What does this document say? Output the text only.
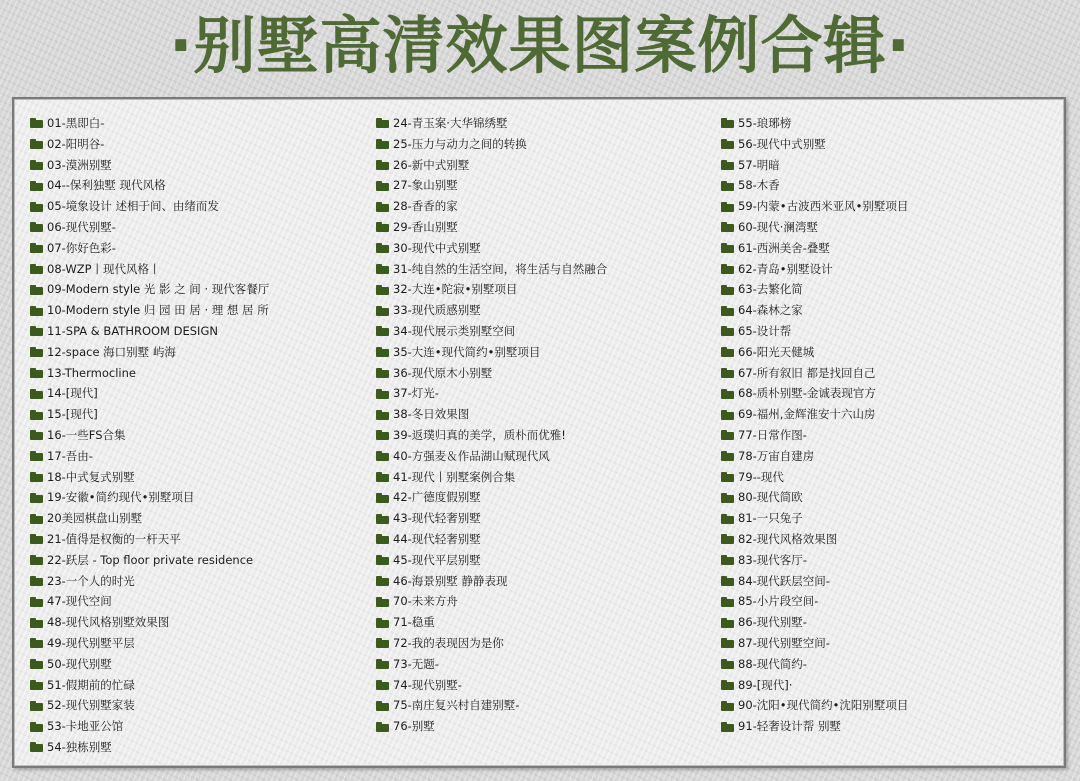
·别墅高清效果图案例合辑·
01-黑即白-
02-阳明谷-
03-漠洲别墅
04--保利独墅 现代风格
05-境象设计 述相于间、由绪而发
06-现代别墅-
07-你好色彩-
08-WZP丨现代风格丨
09-Modern style 光 影 之 间 · 现代客餐厅
10-Modern style 归 园 田 居 · 理 想 居 所
11-SPA & BATHROOM DESIGN
12-space 海口别墅 屿海
13-Thermocline
14-[现代]
15-[现代]
16-一些FS合集
17-吾由-
18-中式复式别墅
19-安徽•简约现代•别墅项目
20美园棋盘山别墅
21-值得是权衡的一杆天平
22-跃层 - Top floor private residence
23-一个人的时光
47-现代空间
48-现代风格别墅效果图
49-现代别墅平层
50-现代别墅
51-假期前的忙碌
52-现代别墅家装
53-卡地亚公馆
54-独栋别墅
24-青玉案·大华锦绣墅
25-压力与动力之间的转换
26-新中式别墅
27-象山别墅
28-香香的家
29-香山别墅
30-现代中式别墅
31-纯自然的生活空间，将生活与自然融合
32-大连•陀寂•别墅项目
33-现代质感别墅
34-现代展示类别墅空间
35-大连•现代简约•别墅项目
36-现代原木小别墅
37-灯光-
38-冬日效果图
39-返璞归真的美学，质朴而优雅!
40-方强麦＆作品湖山赋现代风
41-现代丨别墅案例合集
42-广德度假别墅
43-现代轻奢别墅
44-现代轻奢别墅
45-现代平层别墅
46-海景别墅 静静表现
70-未来方舟
71-稳重
72-我的表现因为是你
73-无题-
74-现代别墅-
75-南庄复兴村自建别墅-
76-别墅
55-琅琊榜
56-现代中式别墅
57-明暗
58-木香
59-内蒙•古波西米亚风•别墅项目
60-现代·澜湾墅
61-西洲美舍-叠墅
62-青岛•别墅设计
63-去繁化简
64-森林之家
65-设计帮
66-阳光天健城
67-所有叙旧 都是找回自己
68-质朴别墅-金诚表现官方
69-福州,金辉淮安十六山房
77-日常作图-
78-万宙自建房
79--现代
80-现代简欧
81-一只兔子
82-现代风格效果图
83-现代客厅-
84-现代跃层空间-
85-小片段空间-
86-现代别墅-
87-现代别墅空间-
88-现代简约-
89-[现代]·
90-沈阳•现代简约•沈阳别墅项目
91-轻奢设计帮 别墅
